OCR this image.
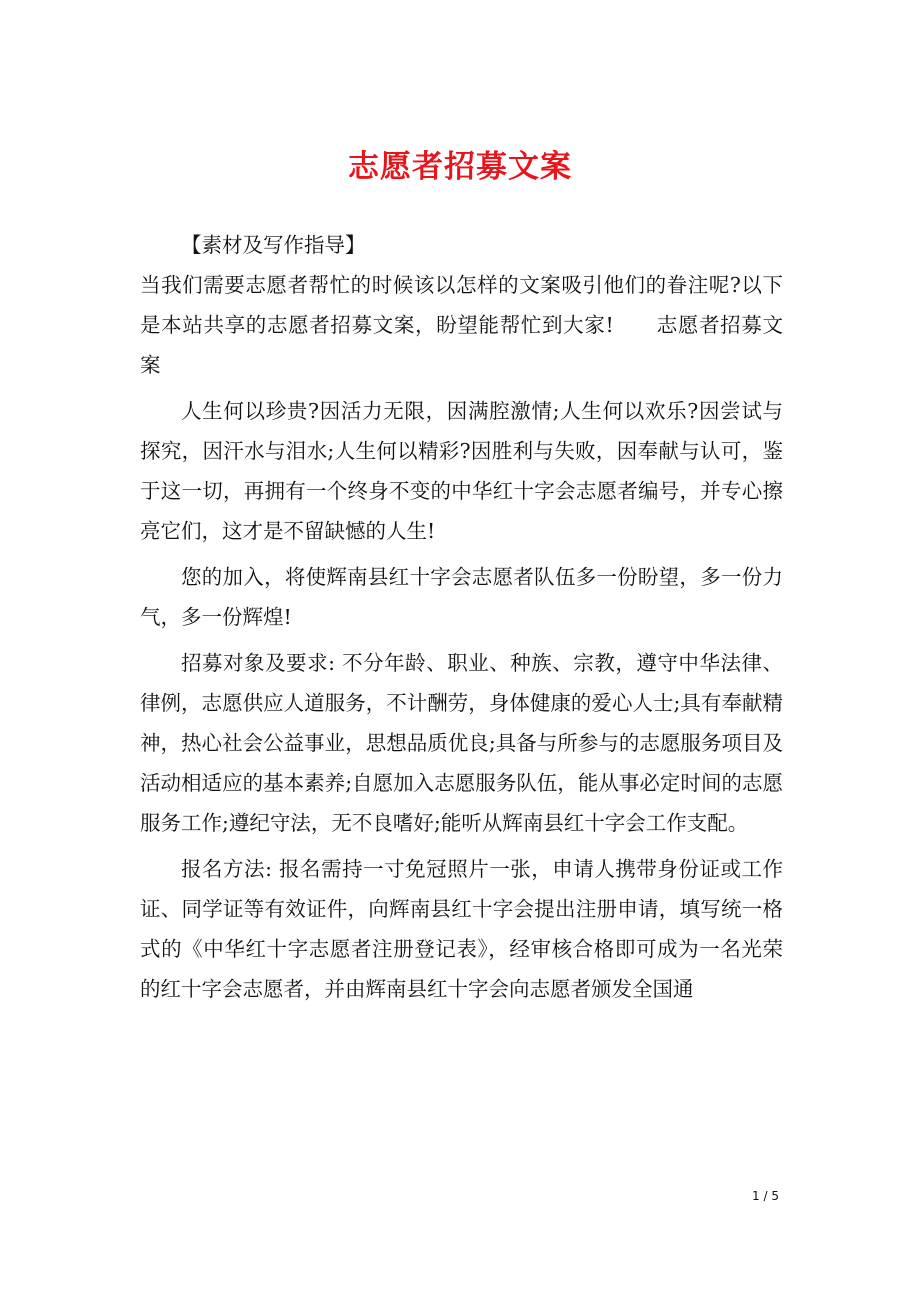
志愿者招募文案

【素材及写作指导】

当我们需要志愿者帮忙的时候该以怎样的文案吸引他们的眷注呢?以下是本站共享的志愿者招募文案，盼望能帮忙到大家!　　志愿者招募文案

人生何以珍贵?因活力无限，因满腔激情;人生何以欢乐?因尝试与探究，因汗水与泪水;人生何以精彩?因胜利与失败，因奉献与认可，鉴于这一切，再拥有一个终身不变的中华红十字会志愿者编号，并专心擦亮它们，这才是不留缺憾的人生!

您的加入，将使辉南县红十字会志愿者队伍多一份盼望，多一份力气，多一份辉煌!

招募对象及要求: 不分年龄、职业、种族、宗教，遵守中华法律、律例，志愿供应人道服务，不计酬劳，身体健康的爱心人士;具有奉献精神，热心社会公益事业，思想品质优良;具备与所参与的志愿服务项目及活动相适应的基本素养;自愿加入志愿服务队伍，能从事必定时间的志愿服务工作;遵纪守法，无不良嗜好;能听从辉南县红十字会工作支配。

报名方法: 报名需持一寸免冠照片一张，申请人携带身份证或工作证、同学证等有效证件，向辉南县红十字会提出注册申请，填写统一格式的《中华红十字志愿者注册登记表》，经审核合格即可成为一名光荣的红十字会志愿者，并由辉南县红十字会向志愿者颁发全国通

1 / 5
